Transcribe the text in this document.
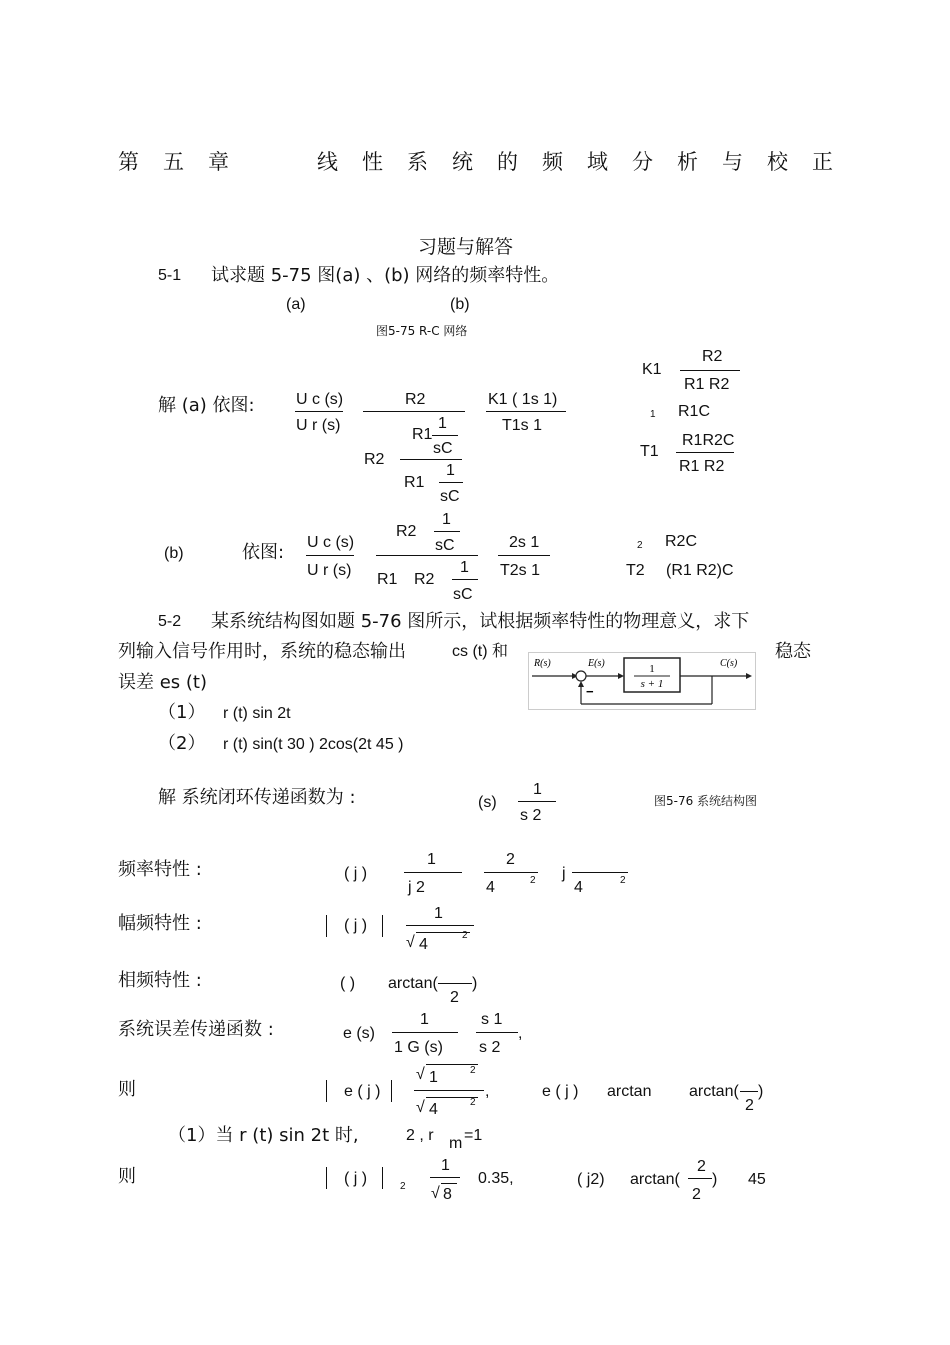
第 五 章	线 性 系 统 的 频 域 分 析 与 校 正
习题与解答
5-1 试求题 5-75 图(a) 、(b) 网络的频率特性。
(a)	(b)
图5-75 R-C 网络
K1
R2
R1 R2
1 R1C
T1
R1R2C
R1 R2
解 (a) 依图:	U c (s)
U r (s)
R2
R1
1
sC
R2
R1
1
sC
K1 ( 1s 1)
T1s 1
(b)	依图: U c (s)
U r (s)
R2
1
sC
R1 R2
1
sC
2s 1
T2s 1
2 R2C
T2 (R1 R2)C
5-2 某系统结构图如题 5-76 图所示，试根据频率特性的物理意义，求下
列输入信号作用时，系统的稳态输出	cs (t) 和	稳态
误差 es (t)
（1） r (t) sin 2t
（2） r (t) sin(t 30 ) 2cos(2t 45 )
1
s + 1
R(s)	E(s)	C(s)
−
解 系统闭环传递函数为 :	(s)
1
s 2
图5-76 系统结构图
频率特性 :	( j )
1
j 2
2
4	2 j
4	2
幅频特性 :	( j )
1
√ 4
2
相频特性 :	( ) arctan(
2
)
系统误差传递函数 :	e (s)
1
1 G (s)
s 1
s 2
,
则	e ( j )
√ 1	2
√ 4	2
,	e ( j ) arctan arctan(
2
)
（1）当 r (t) sin 2t 时,	2 , r m =1
则	( j )	2
1
√ 8
0.35,	( j2) arctan(
2
2
) 45
